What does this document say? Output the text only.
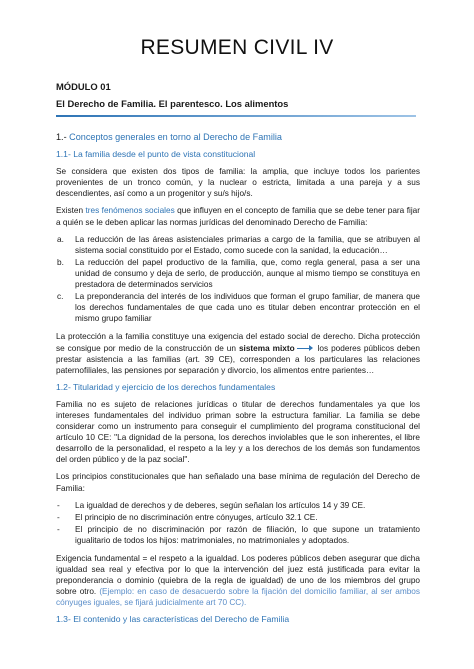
RESUMEN CIVIL IV
MÓDULO 01
El Derecho de Familia. El parentesco. Los alimentos
1.- Conceptos generales en torno al Derecho de Familia
1.1- La familia desde el punto de vista constitucional

Se considera que existen dos tipos de familia: la amplia, que incluye todos los parientes provenientes de un tronco común, y la nuclear o estricta, limitada a una pareja y a sus descendientes, así como a un progenitor y su/s hijo/s.

Existen tres fenómenos sociales que influyen en el concepto de familia que se debe tener para fijar a quién se le deben aplicar las normas jurídicas del denominado Derecho de Familia:

a. La reducción de las áreas asistenciales primarias a cargo de la familia, que se atribuyen al sistema social constituido por el Estado, como sucede con la sanidad, la educación…
b. La reducción del papel productivo de la familia, que, como regla general, pasa a ser una unidad de consumo y deja de serlo, de producción, aunque al mismo tiempo se constituya en prestadora de determinados servicios
c. La preponderancia del interés de los individuos que forman el grupo familiar, de manera que los derechos fundamentales de que cada uno es titular deben encontrar protección en el mismo grupo familiar

La protección a la familia constituye una exigencia del estado social de derecho. Dicha protección se consigue por medio de la construcción de un sistema mixto los poderes públicos deben prestar asistencia a las familias (art. 39 CE), corresponden a los particulares las relaciones paternofiliales, las pensiones por separación y divorcio, los alimentos entre parientes…

1.2- Titularidad y ejercicio de los derechos fundamentales

Familia no es sujeto de relaciones jurídicas o titular de derechos fundamentales ya que los intereses fundamentales del individuo priman sobre la estructura familiar. La familia se debe considerar como un instrumento para conseguir el cumplimiento del programa constitucional del artículo 10 CE: "La dignidad de la persona, los derechos inviolables que le son inherentes, el libre desarrollo de la personalidad, el respeto a la ley y a los derechos de los demás son fundamentos del orden público y de la paz social".

Los principios constitucionales que han señalado una base mínima de regulación del Derecho de Familia:

- La igualdad de derechos y de deberes, según señalan los artículos 14 y 39 CE.
- El principio de no discriminación entre cónyuges, artículo 32.1 CE.
- El principio de no discriminación por razón de filiación, lo que supone un tratamiento igualitario de todos los hijos: matrimoniales, no matrimoniales y adoptados.

Exigencia fundamental = el respeto a la igualdad. Los poderes públicos deben asegurar que dicha igualdad sea real y efectiva por lo que la intervención del juez está justificada para evitar la preponderancia o dominio (quiebra de la regla de igualdad) de uno de los miembros del grupo sobre otro. (Ejemplo: en caso de desacuerdo sobre la fijación del domicilio familiar, al ser ambos cónyuges iguales, se fijará judicialmente art 70 CC).

1.3- El contenido y las características del Derecho de Familia
